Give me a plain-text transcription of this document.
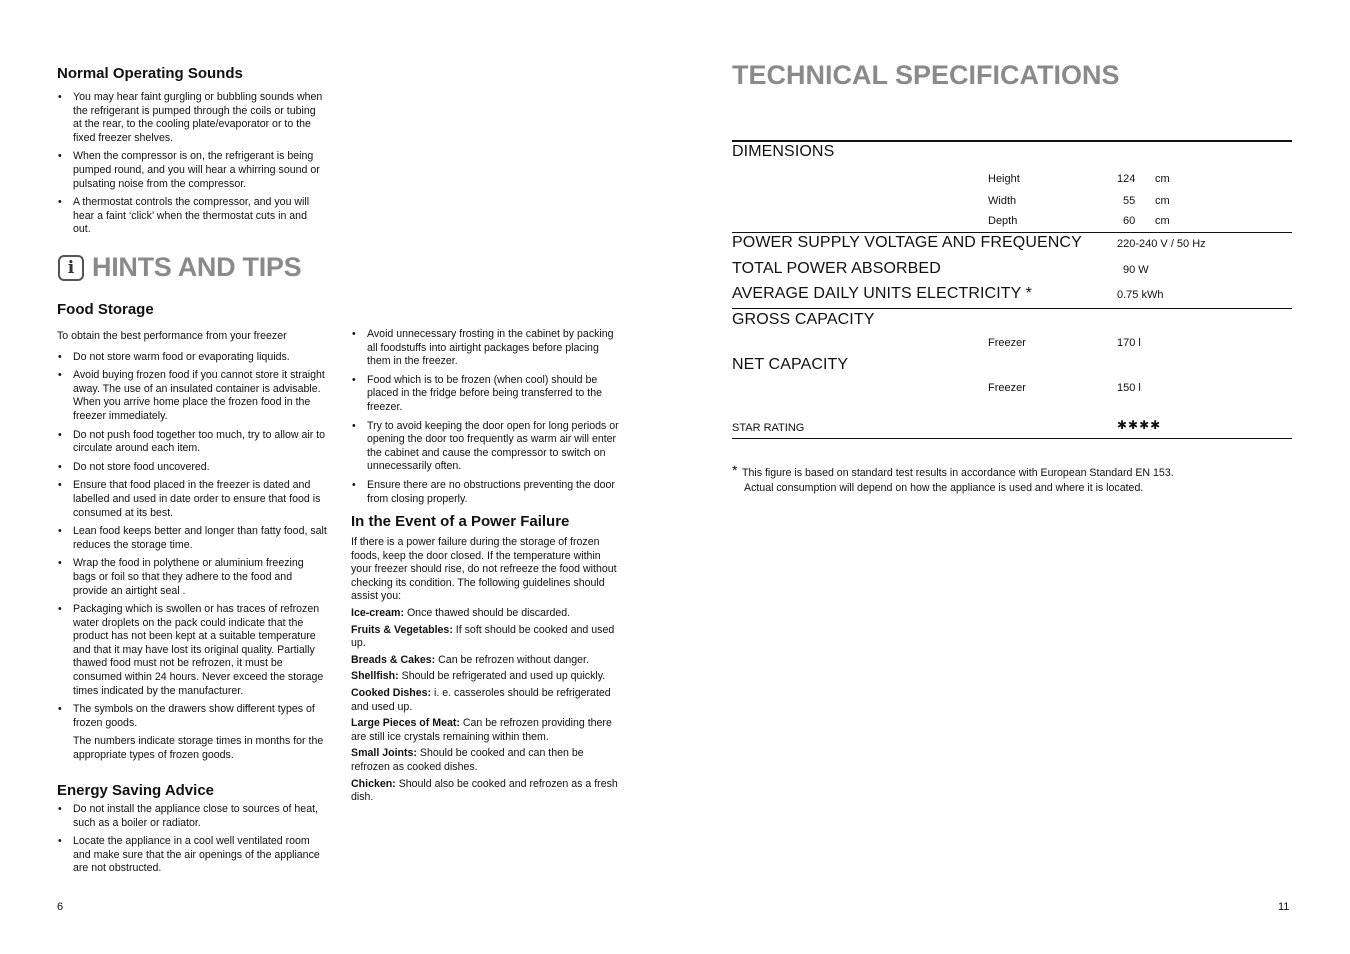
Normal Operating Sounds
• You may hear faint gurgling or bubbling sounds when the refrigerant is pumped through the coils or tubing at the rear, to the cooling plate/evaporator or to the fixed freezer shelves.
• When the compressor is on, the refrigerant is being pumped round, and you will hear a whirring sound or pulsating noise from the compressor.
• A thermostat controls the compressor, and you will hear a faint ‘click’ when the thermostat cuts in and out.
i HINTS AND TIPS
Food Storage

To obtain the best performance from your freezer

• Do not store warm food or evaporating liquids.
• Avoid buying frozen food if you cannot store it straight away. The use of an insulated container is advisable. When you arrive home place the frozen food in the freezer immediately.
• Do not push food together too much, try to allow air to circulate around each item.
• Do not store food uncovered.
• Ensure that food placed in the freezer is dated and labelled and used in date order to ensure that food is consumed at its best.
• Lean food keeps better and longer than fatty food, salt reduces the storage time.
• Wrap the food in polythene or aluminium freezing bags or foil so that they adhere to the food and provide an airtight seal .
• Packaging which is swollen or has traces of refrozen water droplets on the pack could indicate that the product has not been kept at a suitable temperature and that it may have lost its original quality. Partially thawed food must not be refrozen, it must be consumed within 24 hours. Never exceed the storage times indicated by the manufacturer.
• The symbols on the drawers show different types of frozen goods.

The numbers indicate storage times in months for the appropriate types of frozen goods.

Energy Saving Advice
• Do not install the appliance close to sources of heat, such as a boiler or radiator.
• Locate the appliance in a cool well ventilated room and make sure that the air openings of the appliance are not obstructed.
• Avoid unnecessary frosting in the cabinet by packing all foodstuffs into airtight packages before placing them in the freezer.
• Food which is to be frozen (when cool) should be placed in the fridge before being transferred to the freezer.
• Try to avoid keeping the door open for long periods or opening the door too frequently as warm air will enter the cabinet and cause the compressor to switch on unnecessarily often.
• Ensure there are no obstructions preventing the door from closing properly.
In the Event of a Power Failure

If there is a power failure during the storage of frozen foods, keep the door closed. If the temperature within your freezer should rise, do not refreeze the food without checking its condition. The following guidelines should assist you:

Ice-cream: Once thawed should be discarded.

Fruits & Vegetables: If soft should be cooked and used up.

Breads & Cakes: Can be refrozen without danger.

Shellfish: Should be refrigerated and used up quickly.

Cooked Dishes: i. e. casseroles should be refrigerated and used up.

Large Pieces of Meat: Can be refrozen providing there are still ice crystals remaining within them.

Small Joints: Should be cooked and can then be refrozen as cooked dishes.

Chicken: Should also be cooked and refrozen as a fresh dish.

6
TECHNICAL SPECIFICATIONS
DIMENSIONS
Height	124 cm
Width	55 cm
Depth	60 cm
POWER SUPPLY VOLTAGE AND FREQUENCY	220-240 V / 50 Hz
TOTAL POWER ABSORBED	90 W
AVERAGE DAILY UNITS ELECTRICITY *	0.75 kWh
GROSS CAPACITY
Freezer	170 l
NET CAPACITY
Freezer	150 l
STAR RATING	✱✱✱✱
* This figure is based on standard test results in accordance with European Standard EN 153.
Actual consumption will depend on how the appliance is used and where it is located.
11
